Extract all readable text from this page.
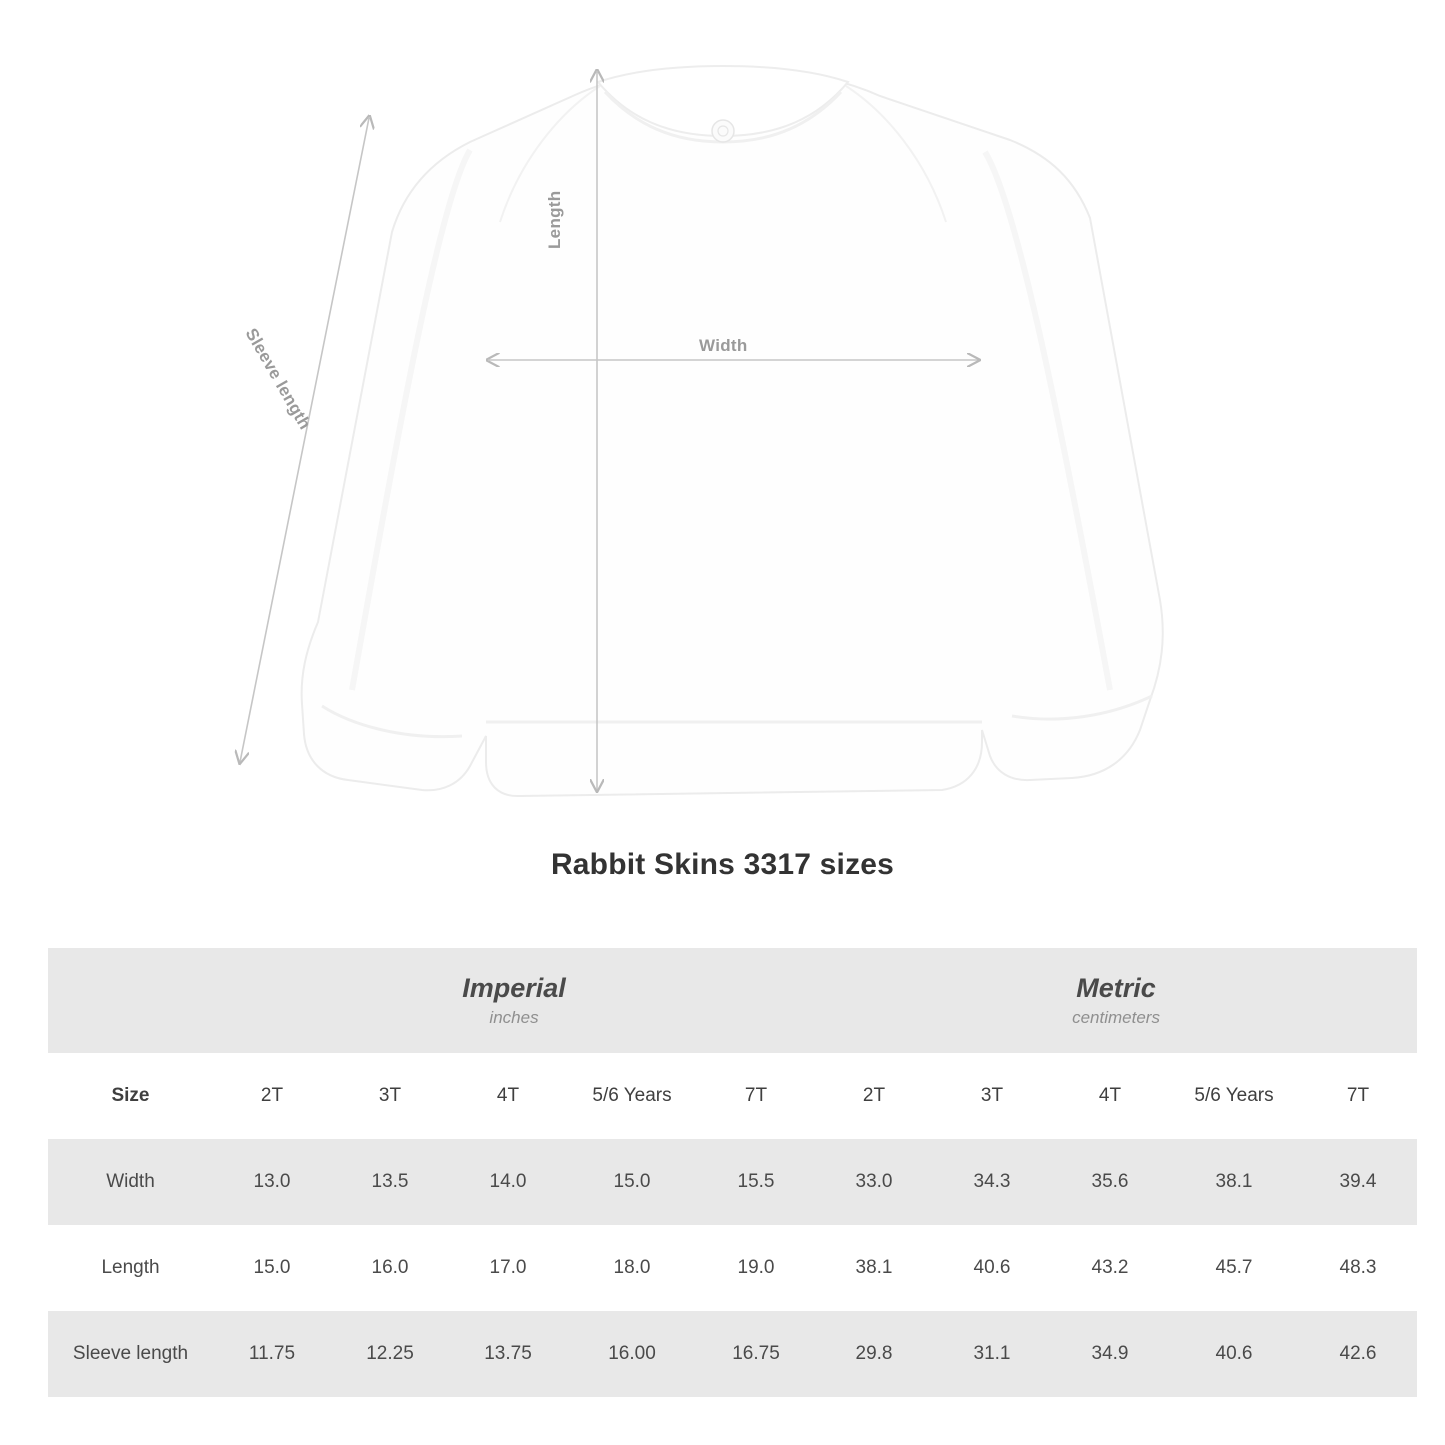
Width
Length
Sleeve length
Rabbit Skins 3317 sizes

Imperial
inches

Metric
centimeters

Size	2T	3T	4T	5/6 Years	7T	2T	3T	4T	5/6 Years	7T
Width	13.0	13.5	14.0	15.0	15.5	33.0	34.3	35.6	38.1	39.4
Length	15.0	16.0	17.0	18.0	19.0	38.1	40.6	43.2	45.7	48.3
Sleeve length	11.75	12.25	13.75	16.00	16.75	29.8	31.1	34.9	40.6	42.6
